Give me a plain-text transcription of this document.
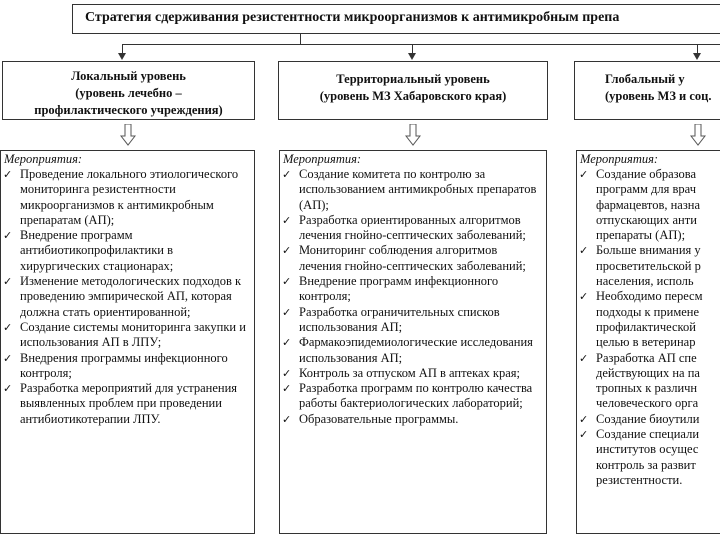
Стратегия сдерживания резистентности микроорганизмов к антимикробным препа
Локальный уровень
(уровень лечебно –
профилактического учреждения)
Территориальный уровень
(уровень МЗ Хабаровского края)
Глобальный у
(уровень МЗ и соц.
Мероприятия:
✓ Проведение локального этиологического мониторинга резистентности микроорганизмов к антимикробным препаратам (АП);
✓ Внедрение программ антибиотикопрофилактики в хирургических стационарах;
✓ Изменение методологических подходов к проведению эмпирической АП, которая должна стать ориентированной;
✓ Создание системы мониторинга закупки и использования АП в ЛПУ;
✓ Внедрения программы инфекционного контроля;
✓ Разработка мероприятий для устранения выявленных проблем при проведении антибиотикотерапии ЛПУ.
Мероприятия:
✓ Создание комитета по контролю за использованием антимикробных препаратов (АП);
✓ Разработка ориентированных алгоритмов лечения гнойно-септических заболеваний;
✓ Мониторинг соблюдения алгоритмов лечения гнойно-септических заболеваний;
✓ Внедрение программ инфекционного контроля;
✓ Разработка ограничительных списков использования АП;
✓ Фармакоэпидемиологические исследования использования АП;
✓ Контроль за отпуском АП в аптеках края;
✓ Разработка программ по контролю качества работы бактериологических лабораторий;
✓ Образовательные программы.
Мероприятия:
✓ Создание образова
программ для врач
фармацевтов, назна
отпускающих анти
препараты (АП);
✓ Больше внимания у
просветительской р
населения, исполь
✓ Необходимо пересм
подходы к примене
профилактической
целью в ветеринар
✓ Разработка АП спе
действующих на па
тропных к различн
человеческого орга
✓ Создание биоутили
✓ Создание специали
институтов осущес
контроль за развит
резистентности.
